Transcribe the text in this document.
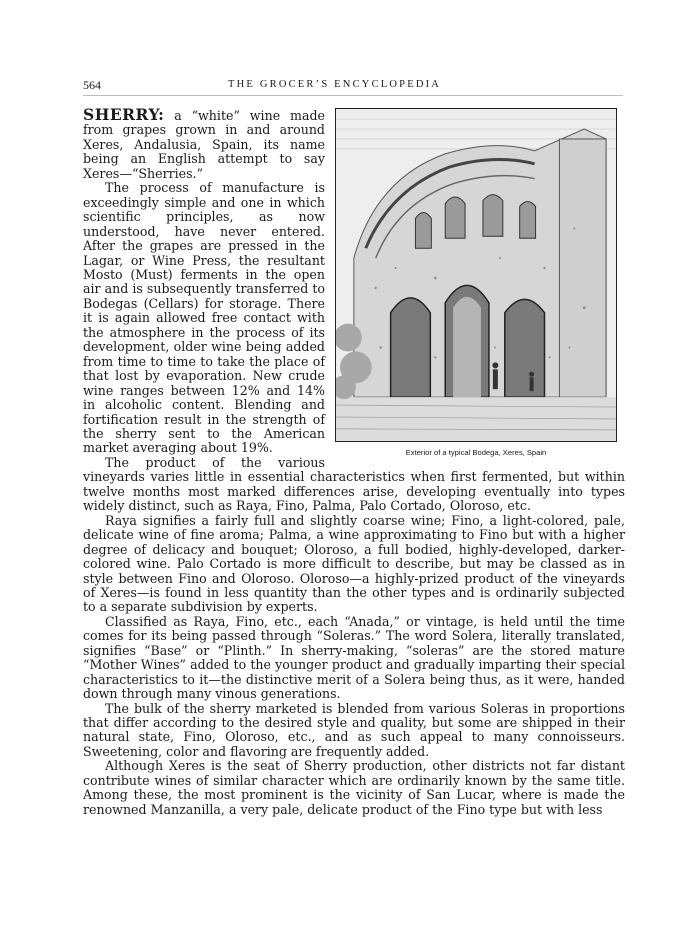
564	THE GROCER’S ENCYCLOPEDIA
Exterior of a typical Bodega, Xeres, Spain

SHERRY: a “white” wine made from grapes grown in and around Xeres, Andalusia, Spain, its name being an English attempt to say Xeres—“Sherries.”

The process of manufacture is exceedingly simple and one in which scientific principles, as now understood, have never entered. After the grapes are pressed in the Lagar, or Wine Press, the resultant Mosto (Must) ferments in the open air and is subsequently transferred to Bodegas (Cellars) for storage. There it is again allowed free contact with the atmosphere in the process of its development, older wine being added from time to time to take the place of that lost by evaporation. New crude wine ranges between 12% and 14% in alcoholic content. Blending and fortification result in the strength of the sherry sent to the American market averaging about 19%.

The product of the various vineyards varies little in essential characteristics when first fermented, but within twelve months most marked differences arise, developing eventually into types widely distinct, such as Raya, Fino, Palma, Palo Cortado, Oloroso, etc.

Raya signifies a fairly full and slightly coarse wine; Fino, a light-colored, pale, delicate wine of fine aroma; Palma, a wine approximating to Fino but with a higher degree of delicacy and bouquet; Oloroso, a full bodied, highly-developed, darker-colored wine. Palo Cortado is more difficult to describe, but may be classed as in style between Fino and Oloroso. Oloroso—a highly-prized product of the vineyards of Xeres—is found in less quantity than the other types and is ordinarily subjected to a separate subdivision by experts.

Classified as Raya, Fino, etc., each “Anada,” or vintage, is held until the time comes for its being passed through “Soleras.” The word Solera, literally translated, signifies “Base” or “Plinth.” In sherry-making, “soleras” are the stored mature “Mother Wines” added to the younger product and gradually imparting their special characteristics to it—the distinctive merit of a Solera being thus, as it were, handed down through many vinous generations.

The bulk of the sherry marketed is blended from various Soleras in proportions that differ according to the desired style and quality, but some are shipped in their natural state, Fino, Oloroso, etc., and as such appeal to many connoisseurs. Sweetening, color and flavoring are frequently added.

Although Xeres is the seat of Sherry production, other districts not far distant contribute wines of similar character which are ordinarily known by the same title. Among these, the most prominent is the vicinity of San Lucar, where is made the renowned Manzanilla, a very pale, delicate product of the Fino type but with less
